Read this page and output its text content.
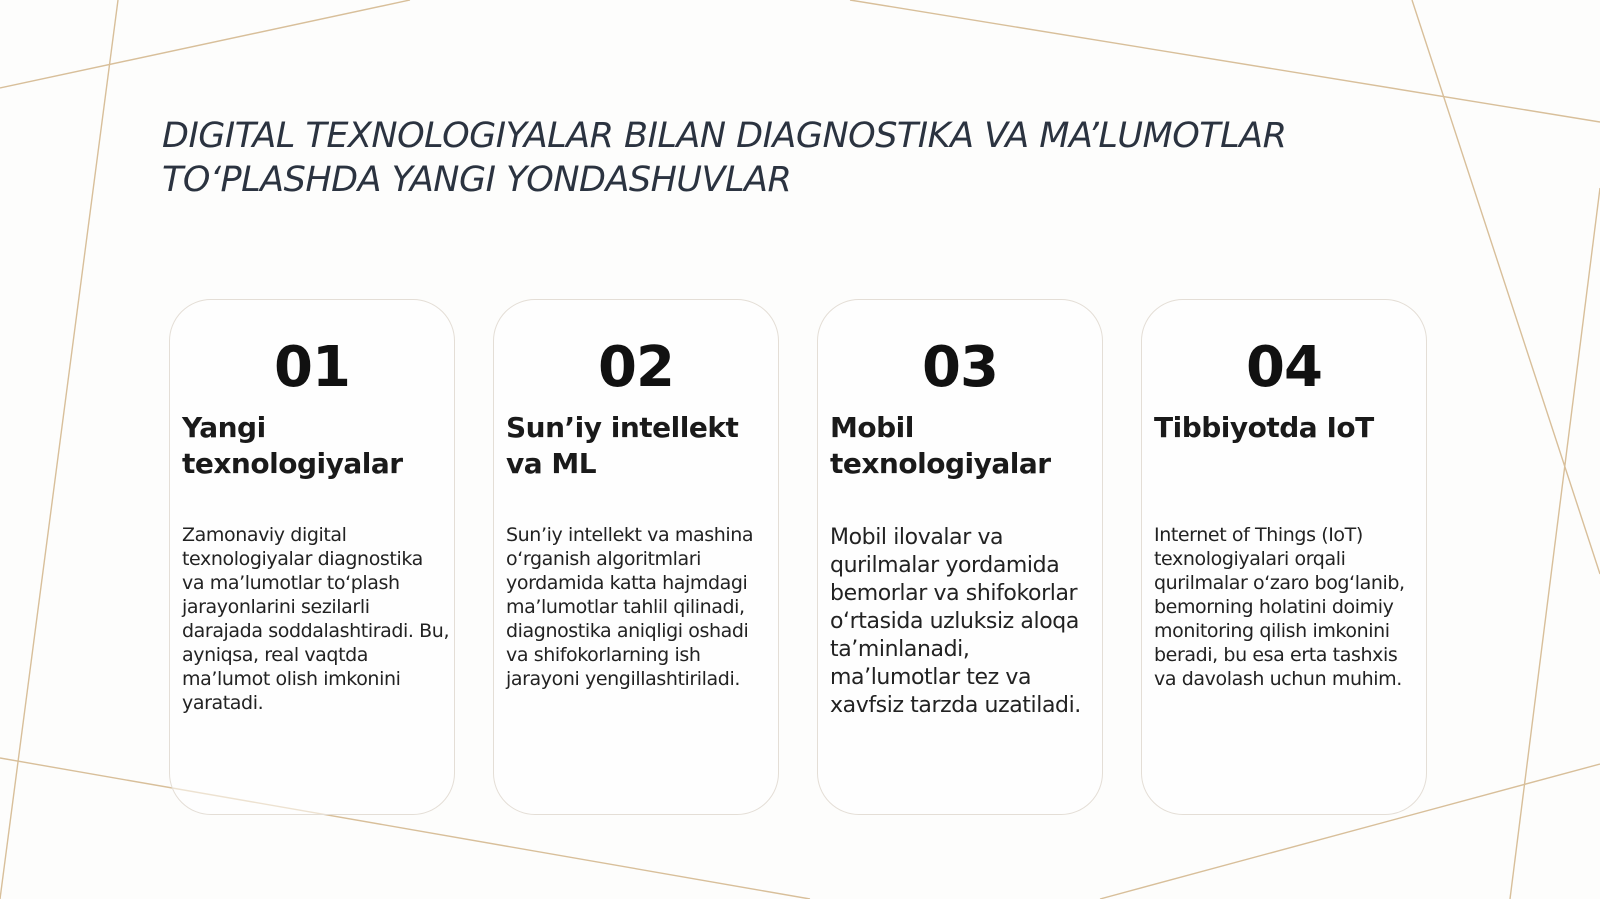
DIGITAL TEXNOLOGIYALAR BILAN DIAGNOSTIKA VA MA’LUMOTLAR
TO‘PLASHDA YANGI YONDASHUVLAR
01
Yangi texnologiyalar
Zamonaviy digital texnologiyalar diagnostika va ma’lumotlar to‘plash jarayonlarini sezilarli darajada soddalashtiradi. Bu, ayniqsa, real vaqtda ma’lumot olish imkonini yaratadi.
02
Sun’iy intellekt va ML
Sun’iy intellekt va mashina o‘rganish algoritmlari yordamida katta hajmdagi ma’lumotlar tahlil qilinadi, diagnostika aniqligi oshadi va shifokorlarning ish jarayoni yengillashtiriladi.
03
Mobil texnologiyalar
Mobil ilovalar va qurilmalar yordamida bemorlar va shifokorlar o‘rtasida uzluksiz aloqa ta’minlanadi, ma’lumotlar tez va xavfsiz tarzda uzatiladi.
04
Tibbiyotda IoT
Internet of Things (IoT) texnologiyalari orqali qurilmalar o‘zaro bog‘lanib, bemorning holatini doimiy monitoring qilish imkonini beradi, bu esa erta tashxis va davolash uchun muhim.
